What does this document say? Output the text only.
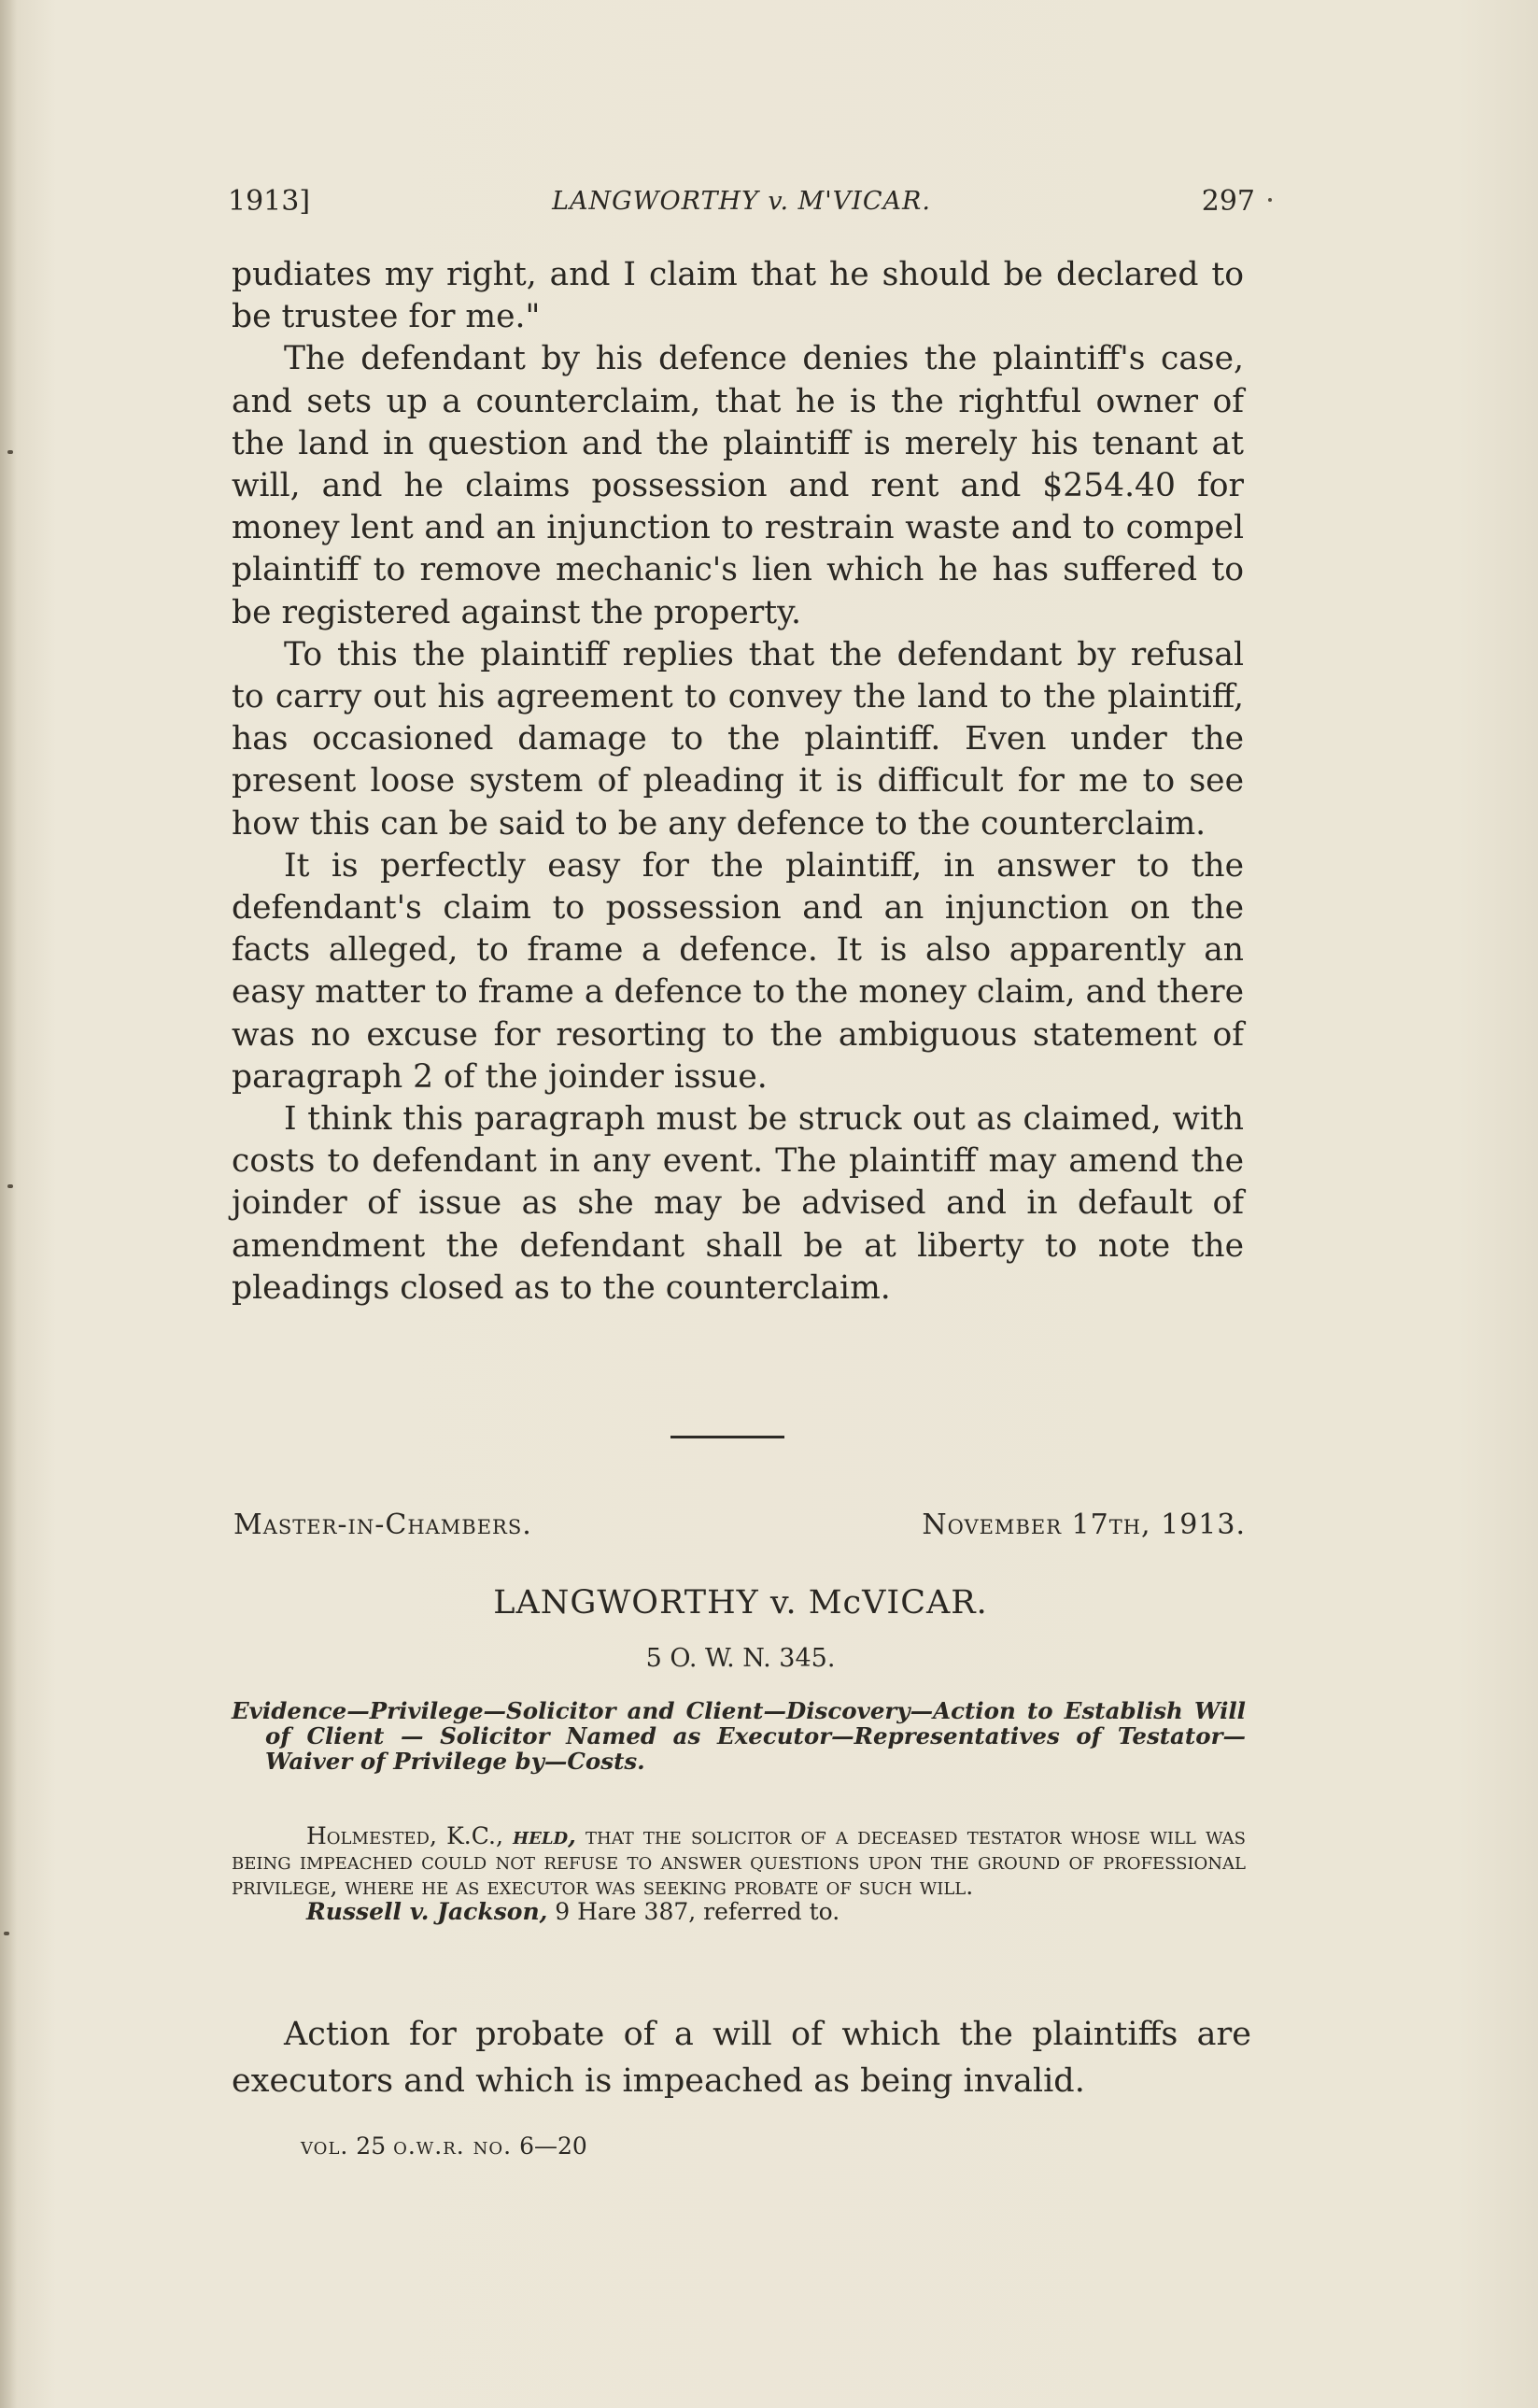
1913]	LANGWORTHY v. M'VICAR.	297

pudiates my right, and I claim that he should be declared to be trustee for me."

The defendant by his defence denies the plaintiff's case, and sets up a counterclaim, that he is the rightful owner of the land in question and the plaintiff is merely his tenant at will, and he claims possession and rent and $254.40 for money lent and an injunction to restrain waste and to compel plaintiff to remove mechanic's lien which he has suffered to be registered against the property.

To this the plaintiff replies that the defendant by refusal to carry out his agreement to convey the land to the plaintiff, has occasioned damage to the plaintiff. Even under the present loose system of pleading it is difficult for me to see how this can be said to be any defence to the counterclaim.

It is perfectly easy for the plaintiff, in answer to the defendant's claim to possession and an injunction on the facts alleged, to frame a defence. It is also apparently an easy matter to frame a defence to the money claim, and there was no excuse for resorting to the ambiguous statement of paragraph 2 of the joinder issue.

I think this paragraph must be struck out as claimed, with costs to defendant in any event. The plaintiff may amend the joinder of issue as she may be advised and in default of amendment the defendant shall be at liberty to note the pleadings closed as to the counterclaim.

Master-in-Chambers.	November 17th, 1913.
LANGWORTHY v. McVICAR.
5 O. W. N. 345.
Evidence—Privilege—Solicitor and Client—Discovery—Action to Establish Will of Client — Solicitor Named as Executor—Representatives of Testator—Waiver of Privilege by—Costs.

Holmested, K.C., held, that the solicitor of a deceased testator whose will was being impeached could not refuse to answer questions upon the ground of professional privilege, where he as executor was seeking probate of such will.

Russell v. Jackson, 9 Hare 387, referred to.

Action for probate of a will of which the plaintiffs are executors and which is impeached as being invalid.

vol. 25 o.w.r. no. 6—20
